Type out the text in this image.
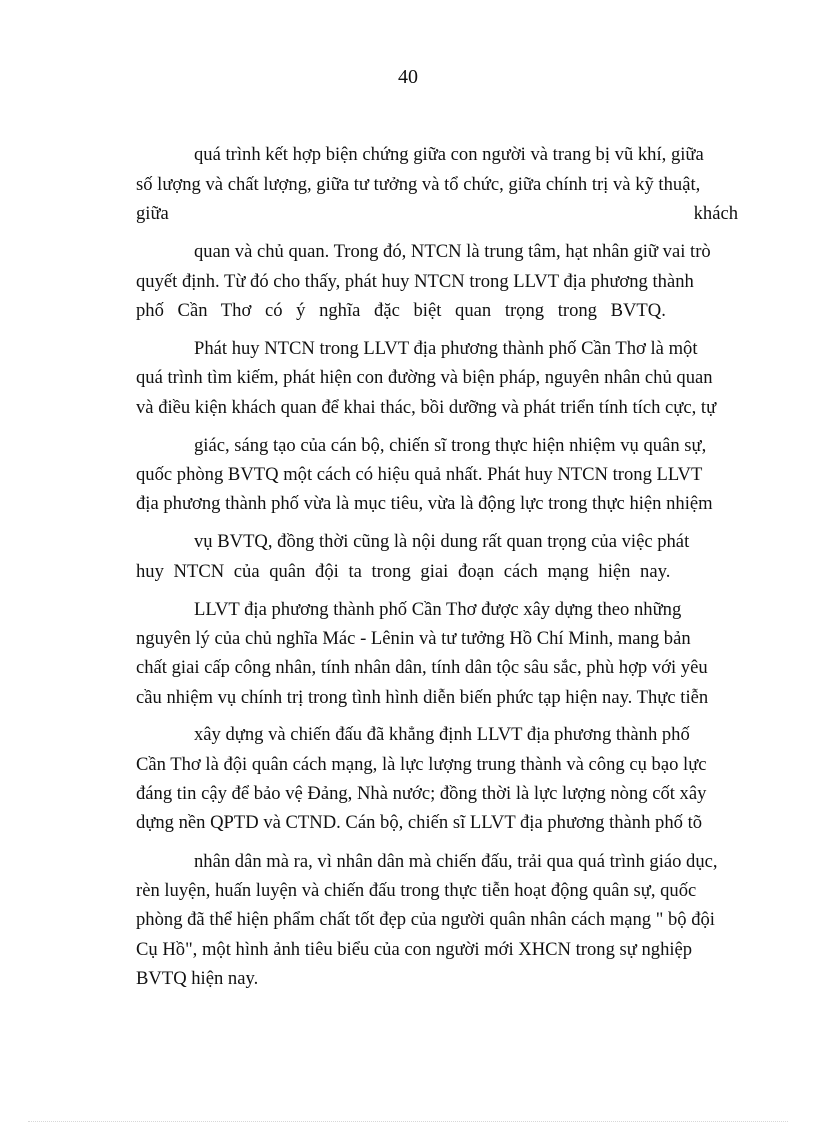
40
quá trình kết hợp biện chứng giữa con người và trang bị vũ khí, giữa
số lượng và chất lượng, giữa tư tưởng và tổ chức, giữa chính trị và kỹ thuật,
giữa	khách
quan và chủ quan. Trong đó, NTCN là trung tâm, hạt nhân giữ vai trò
quyết định. Từ đó cho thấy, phát huy NTCN trong LLVT địa phương thành
phố Cần Thơ có ý nghĩa đặc biệt quan trọng trong BVTQ.
Phát huy NTCN trong LLVT địa phương thành phố Cần Thơ là một
quá trình tìm kiếm, phát hiện con đường và biện pháp, nguyên nhân chủ quan
và điều kiện khách quan để khai thác, bồi dưỡng và phát triển tính tích cực, tự
giác, sáng tạo của cán bộ, chiến sĩ trong thực hiện nhiệm vụ quân sự,
quốc phòng BVTQ một cách có hiệu quả nhất. Phát huy NTCN trong LLVT
địa phương thành phố vừa là mục tiêu, vừa là động lực trong thực hiện nhiệm
vụ BVTQ, đồng thời cũng là nội dung rất quan trọng của việc phát
huy NTCN của quân đội ta trong giai đoạn cách mạng hiện nay.
LLVT địa phương thành phố Cần Thơ được xây dựng theo những
nguyên lý của chủ nghĩa Mác - Lênin và tư tưởng Hồ Chí Minh, mang bản
chất giai cấp công nhân, tính nhân dân, tính dân tộc sâu sắc, phù hợp với yêu
cầu nhiệm vụ chính trị trong tình hình diễn biến phức tạp hiện nay. Thực tiễn
xây dựng và chiến đấu đã khẳng định LLVT địa phương thành phố
Cần Thơ là đội quân cách mạng, là lực lượng trung thành và công cụ bạo lực
đáng tin cậy để bảo vệ Đảng, Nhà nước; đồng thời là lực lượng nòng cốt xây
dựng nền QPTD và CTND. Cán bộ, chiến sĩ LLVT địa phương thành phố tõ
nhân dân mà ra, vì nhân dân mà chiến đấu, trải qua quá trình giáo dục,
rèn luyện, huấn luyện và chiến đấu trong thực tiễn hoạt động quân sự, quốc
phòng đã thể hiện phẩm chất tốt đẹp của người quân nhân cách mạng " bộ đội
Cụ Hồ", một hình ảnh tiêu biểu của con người mới XHCN trong sự nghiệp
BVTQ hiện nay.
